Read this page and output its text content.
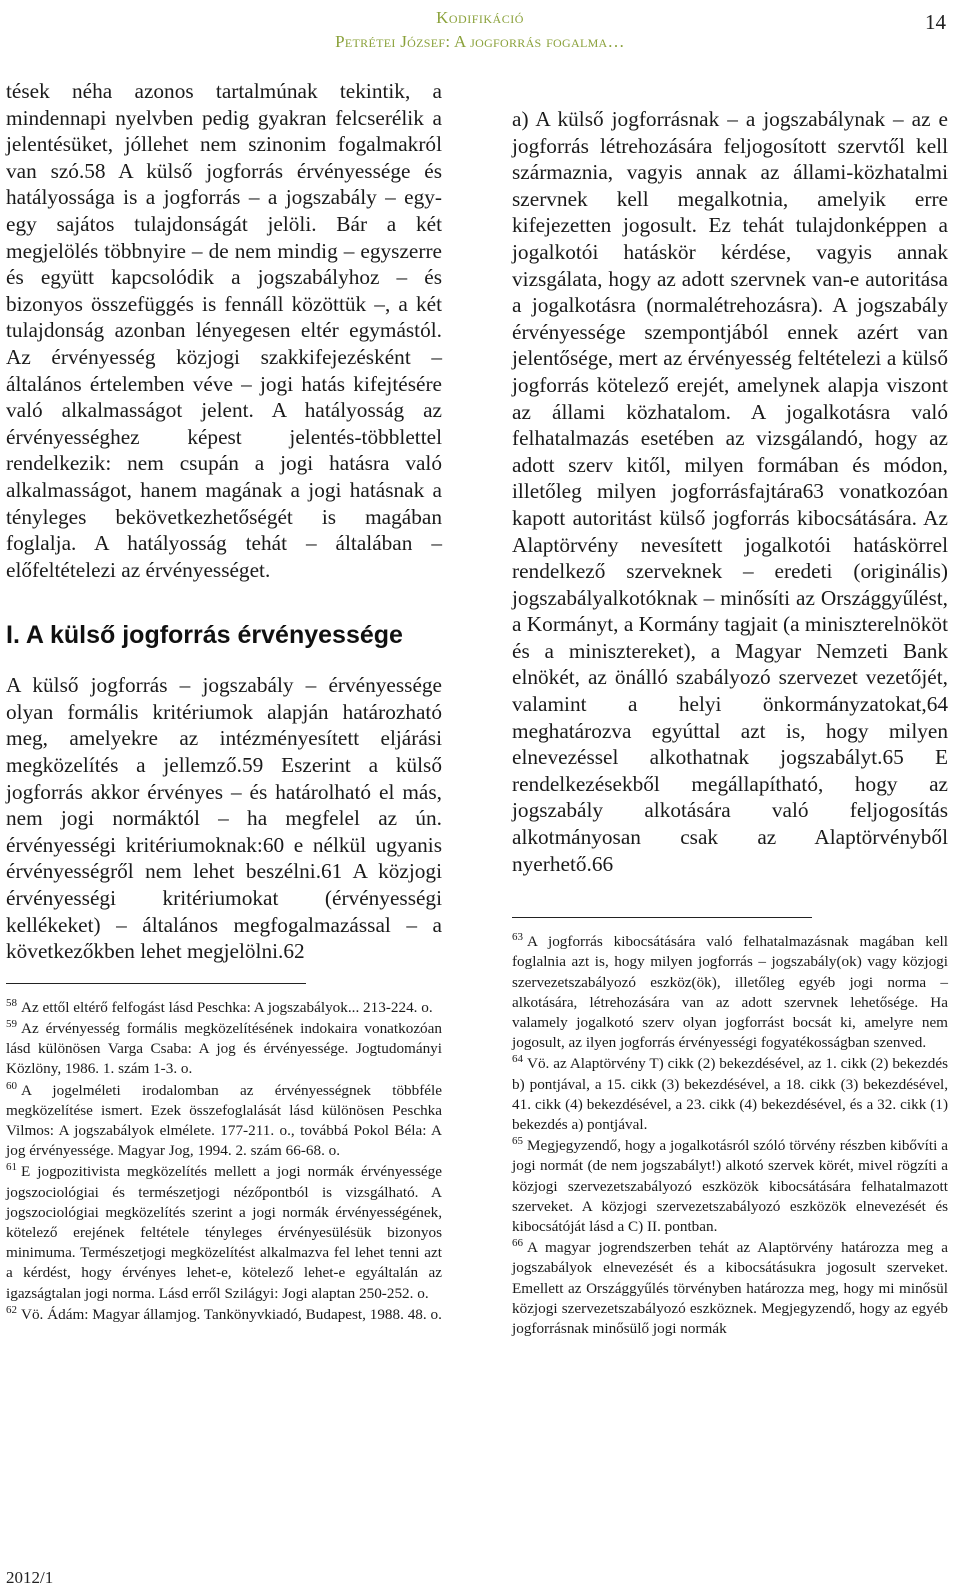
Kodifikáció
Petrétei József: A jogforrás fogalma…
14

tések néha azonos tartalmúnak tekintik, a mindennapi nyelvben pedig gyakran felcserélik a jelentésüket, jóllehet nem szinonim fogalmakról van szó.58 A külső jogforrás érvényessége és hatályossága is a jogforrás – a jogszabály – egy-egy sajátos tulajdonságát jelöli. Bár a két megjelölés többnyire – de nem mindig – egyszerre és együtt kapcsolódik a jogszabályhoz – és bizonyos összefüggés is fennáll közöttük –, a két tulajdonság azonban lényegesen eltér egymástól. Az érvényesség közjogi szakkifejezésként – általános értelemben véve – jogi hatás kifejtésére való alkalmasságot jelent. A hatályosság az érvényességhez képest jelentés-többlettel rendelkezik: nem csupán a jogi hatásra való alkalmasságot, hanem magának a jogi hatásnak a tényleges bekövetkezhetőségét is magában foglalja. A hatályosság tehát – általában – előfeltételezi az érvényességet.

I. A külső jogforrás érvényessége

A külső jogforrás – jogszabály – érvényessége olyan formális kritériumok alapján határozható meg, amelyekre az intézményesített eljárási megközelítés a jellemző.59 Eszerint a külső jogforrás akkor érvényes – és határolható el más, nem jogi normáktól – ha megfelel az ún. érvényességi kritériumoknak:60 e nélkül ugyanis érvényességről nem lehet beszélni.61 A közjogi érvényességi kritériumokat (érvényességi kellékeket) – általános megfogalmazással – a következőkben lehet megjelölni.62

$^{58}$ Az ettől eltérő felfogást lásd Peschka: A jogszabályok... 213-224. o.

$^{59}$ Az érvényesség formális megközelítésének indokaira vonatkozóan lásd különösen Varga Csaba: A jog és érvényessége. Jogtudományi Közlöny, 1986. 1. szám 1-3. o.

$^{60}$ A jogelméleti irodalomban az érvényességnek többféle megközelítése ismert. Ezek összefoglalását lásd különösen Peschka Vilmos: A jogszabályok elmélete. 177-211. o., továbbá Pokol Béla: A jog érvényessége. Magyar Jog, 1994. 2. szám 66-68. o.

$^{61}$ E jogpozitivista megközelítés mellett a jogi normák érvényessége jogszociológiai és természetjogi nézőpontból is vizsgálható. A jogszociológiai megközelítés szerint a jogi normák érvényességének, kötelező erejének feltétele tényleges érvényesülésük bizonyos minimuma. Természetjogi megközelítést alkalmazva fel lehet tenni azt a kérdést, hogy érvényes lehet-e, kötelező lehet-e egyáltalán az igazságtalan jogi norma. Lásd erről Szilágyi: Jogi alaptan 250-252. o.

$^{62}$ Vö. Ádám: Magyar államjog. Tankönyvkiadó, Budapest, 1988. 48. o.

a) A külső jogforrásnak – a jogszabálynak – az e jogforrás létrehozására feljogosított szervtől kell származnia, vagyis annak az állami-közhatalmi szervnek kell megalkotnia, amelyik erre kifejezetten jogosult. Ez tehát tulajdonképpen a jogalkotói hatáskör kérdése, vagyis annak vizsgálata, hogy az adott szervnek van-e autoritása a jogalkotásra (normalétrehozásra). A jogszabály érvényessége szempontjából ennek azért van jelentősége, mert az érvényesség feltételezi a külső jogforrás kötelező erejét, amelynek alapja viszont az állami közhatalom. A jogalkotásra való felhatalmazás esetében az vizsgálandó, hogy az adott szerv kitől, milyen formában és módon, illetőleg milyen jogforrásfajtára63 vonatkozóan kapott autoritást külső jogforrás kibocsátására. Az Alaptörvény nevesített jogalkotói hatáskörrel rendelkező szerveknek – eredeti (originális) jogszabályalkotóknak – minősíti az Országgyűlést, a Kormányt, a Kormány tagjait (a miniszterelnököt és a minisztereket), a Magyar Nemzeti Bank elnökét, az önálló szabályozó szervezet vezetőjét, valamint a helyi önkormányzatokat,64 meghatározva egyúttal azt is, hogy milyen elnevezéssel alkothatnak jogszabályt.65 E rendelkezésekből megállapítható, hogy az jogszabály alkotására való feljogosítás alkotmányosan csak az Alaptörvényből nyerhető.66

$^{63}$ A jogforrás kibocsátására való felhatalmazásnak magában kell foglalnia azt is, hogy milyen jogforrás – jogszabály(ok) vagy közjogi szervezetszabályozó eszköz(ök), illetőleg egyéb jogi norma – alkotására, létrehozására van az adott szervnek lehetősége. Ha valamely jogalkotó szerv olyan jogforrást bocsát ki, amelyre nem jogosult, az ilyen jogforrás érvényességi fogyatékosságban szenved.

$^{64}$ Vö. az Alaptörvény T) cikk (2) bekezdésével, az 1. cikk (2) bekezdés b) pontjával, a 15. cikk (3) bekezdésével, a 18. cikk (3) bekezdésével, 41. cikk (4) bekezdésével, a 23. cikk (4) bekezdésével, és a 32. cikk (1) bekezdés a) pontjával.

$^{65}$ Megjegyzendő, hogy a jogalkotásról szóló törvény részben kibővíti a jogi normát (de nem jogszabályt!) alkotó szervek körét, mivel rögzíti a közjogi szervezetszabályozó eszközök kibocsátására felhatalmazott szerveket. A közjogi szervezetszabályozó eszközök elnevezését és kibocsátóját lásd a C) II. pontban.

$^{66}$ A magyar jogrendszerben tehát az Alaptörvény határozza meg a jogszabályok elnevezését és a kibocsátásukra jogosult szerveket. Emellett az Országgyűlés törvényben határozza meg, hogy mi minősül közjogi szervezetszabályozó eszköznek. Megjegyzendő, hogy az egyéb jogforrásnak minősülő jogi normák

2012/1
